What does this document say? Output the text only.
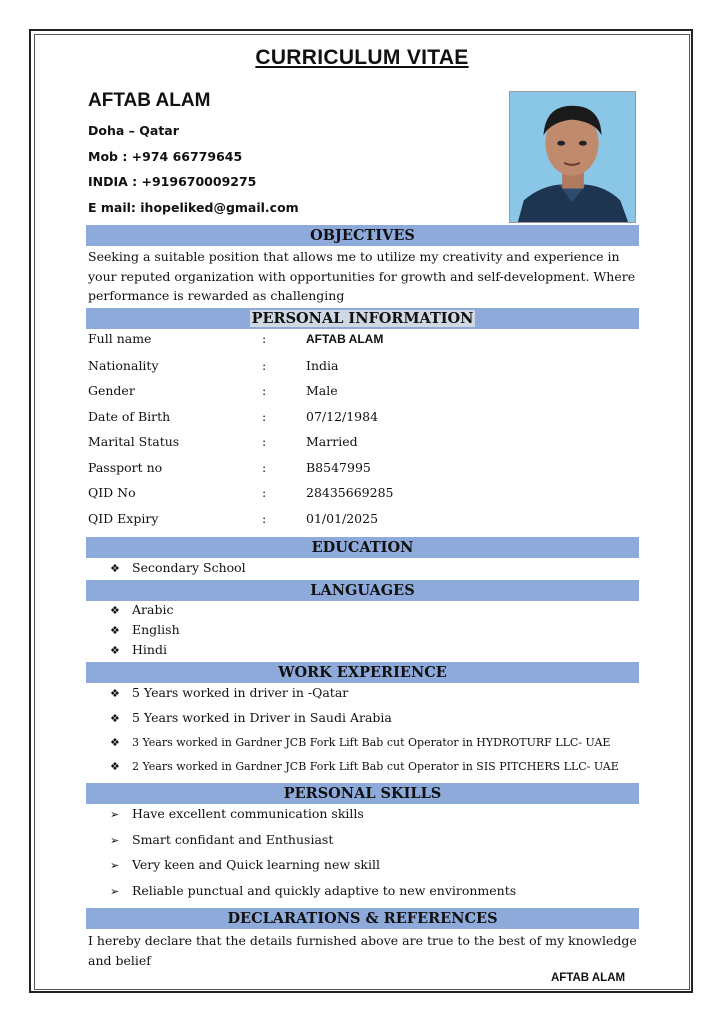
CURRICULUM VITAE
AFTAB ALAM
Doha – Qatar
Mob : +974 66779645
INDIA : +919670009275
E mail: ihopeliked@gmail.com
OBJECTIVES
Seeking a suitable position that allows me to utilize my creativity and experience in
your reputed organization with opportunities for growth and self-development. Where
performance is rewarded as challenging
PERSONAL INFORMATION
Full name	:	AFTAB ALAM
Nationality	:	India
Gender	:	Male
Date of Birth	:	07/12/1984
Marital Status	:	Married
Passport no	:	B8547995
QID No	:	28435669285
QID Expiry	:	01/01/2025
EDUCATION
❖ Secondary School
LANGUAGES
❖ Arabic
❖ English
❖ Hindi
WORK EXPERIENCE
❖ 5 Years worked in driver in -Qatar
❖ 5 Years worked in Driver in Saudi Arabia
❖ 3 Years worked in Gardner JCB Fork Lift Bab cut Operator in HYDROTURF LLC- UAE
❖ 2 Years worked in Gardner JCB Fork Lift Bab cut Operator in SIS PITCHERS LLC- UAE
PERSONAL SKILLS
➢ Have excellent communication skills
➢ Smart confidant and Enthusiast
➢ Very keen and Quick learning new skill
➢ Reliable punctual and quickly adaptive to new environments
DECLARATIONS & REFERENCES
I hereby declare that the details furnished above are true to the best of my knowledge
and belief
AFTAB ALAM
